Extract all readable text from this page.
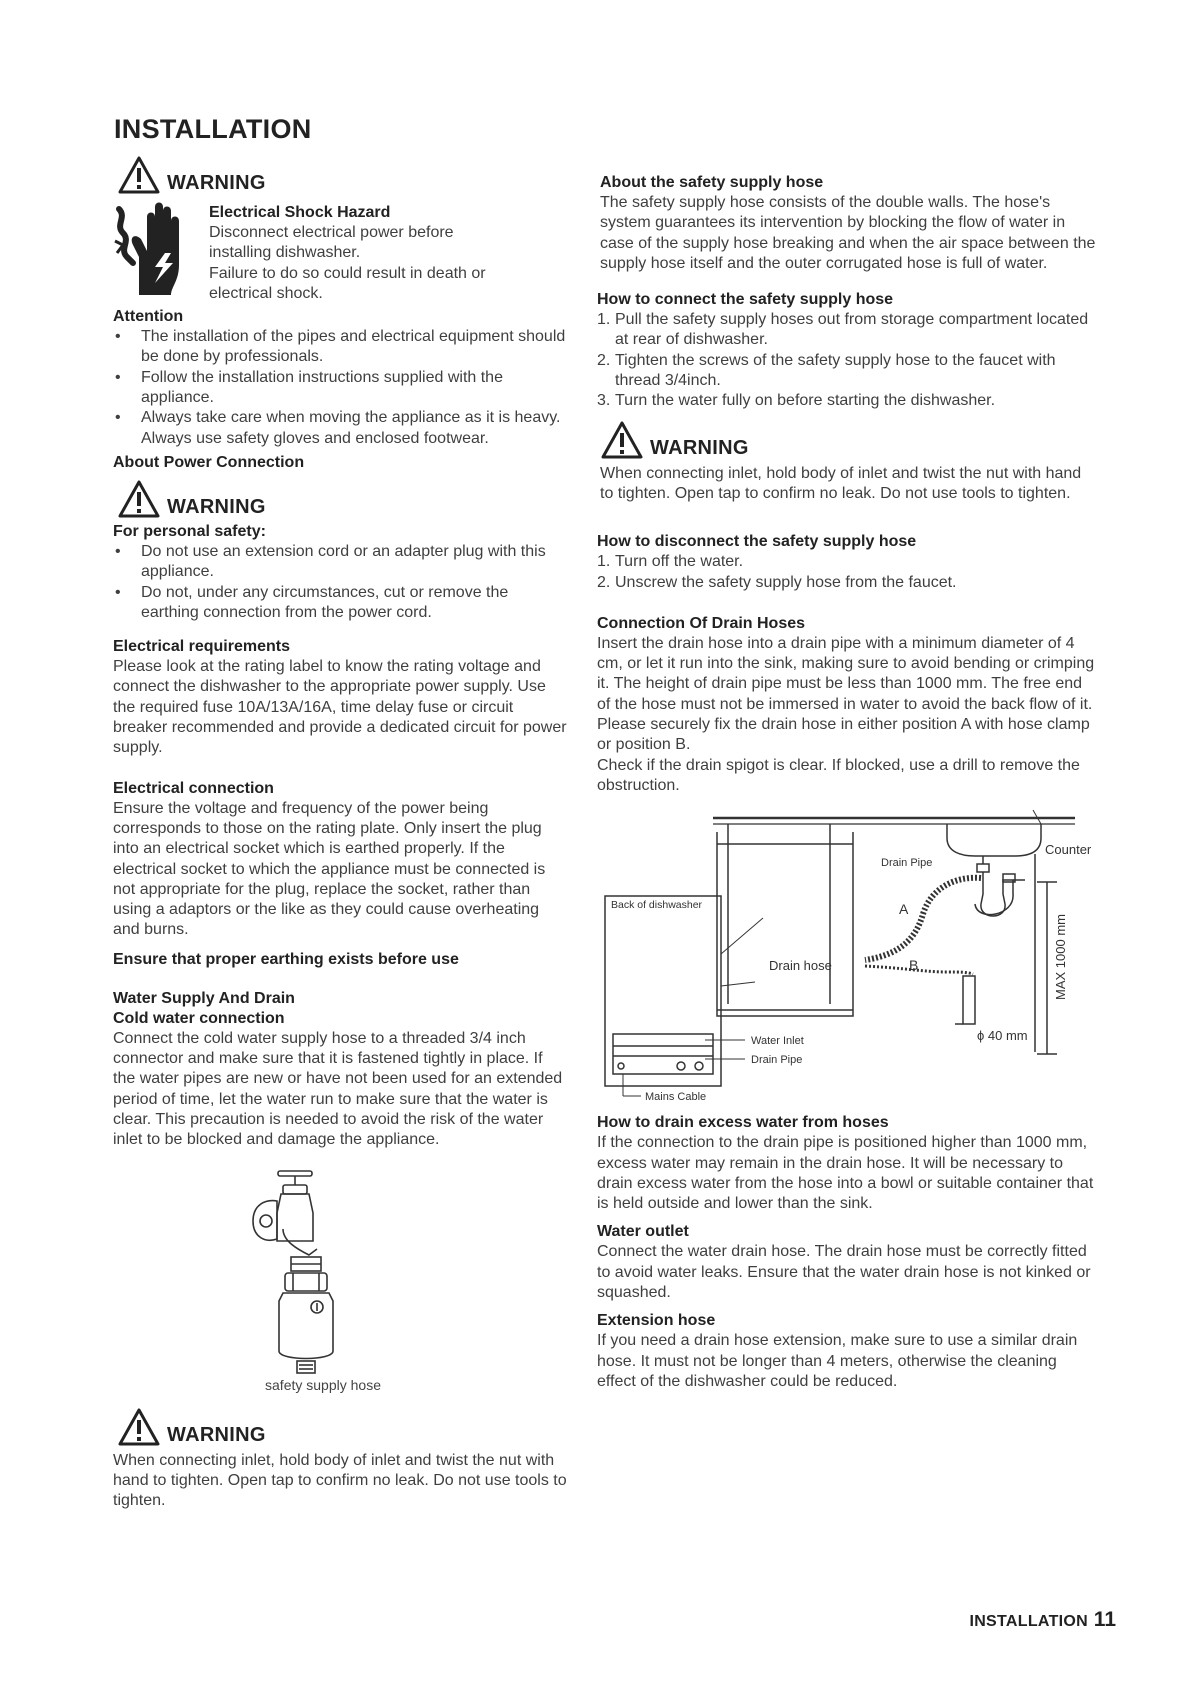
INSTALLATION
WARNING

Electrical Shock Hazard

Disconnect electrical power before

installing dishwasher.

Failure to do so could result in death or

electrical shock.

Attention

• The installation of the pipes and electrical equipment should be done by professionals.
• Follow the installation instructions supplied with the appliance.
• Always take care when moving the appliance as it is heavy. Always use safety gloves and enclosed footwear.

About Power Connection

WARNING

For personal safety:

• Do not use an extension cord or an adapter plug with this appliance.
• Do not, under any circumstances, cut or remove the earthing connection from the power cord.

Electrical requirements

Please look at the rating label to know the rating voltage and connect the dishwasher to the appropriate power supply. Use the required fuse 10A/13A/16A, time delay fuse or circuit breaker recommended and provide a dedicated circuit for power supply.

Electrical connection

Ensure the voltage and frequency of the power being corresponds to those on the rating plate. Only insert the plug into an electrical socket which is earthed properly. If the electrical socket to which the appliance must be connected is not appropriate for the plug, replace the socket, rather than using a adaptors or the like as they could cause overheating and burns.

Ensure that proper earthing exists before use

Water Supply And Drain

Cold water connection

Connect the cold water supply hose to a threaded 3/4 inch connector and make sure that it is fastened tightly in place. If the water pipes are new or have not been used for an extended period of time, let the water run to make sure that the water is clear. This precaution is needed to avoid the risk of the water inlet to be blocked and damage the appliance.

safety supply hose
WARNING

When connecting inlet, hold body of inlet and twist the nut with hand to tighten. Open tap to confirm no leak. Do not use tools to tighten.

About the safety supply hose

The safety supply hose consists of the double walls. The hose's system guarantees its intervention by blocking the flow of water in case of the supply hose breaking and when the air space between the supply hose itself and the outer corrugated hose is full of water.

How to connect the safety supply hose

1. Pull the safety supply hoses out from storage compartment located at rear of dishwasher.
2. Tighten the screws of the safety supply hose to the faucet with thread 3/4inch.
3. Turn the water fully on before starting the dishwasher.
WARNING

When connecting inlet, hold body of inlet and twist the nut with hand to tighten. Open tap to confirm no leak. Do not use tools to tighten.

How to disconnect the safety supply hose

1. Turn off the water.
2. Unscrew the safety supply hose from the faucet.

Connection Of Drain Hoses

Insert the drain hose into a drain pipe with a minimum diameter of 4 cm, or let it run into the sink, making sure to avoid bending or crimping it. The height of drain pipe must be less than 1000 mm. The free end of the hose must not be immersed in water to avoid the back flow of it.
Please securely fix the drain hose in either position A with hose clamp or position B.
Check if the drain spigot is clear. If blocked, use a drill to remove the obstruction.

Counter
Drain Pipe
Back of dishwasher
Drain hose
A
B	MAX 1000 mm
ϕ 40 mm
Water Inlet
Drain Pipe
Mains Cable

How to drain excess water from hoses

If the connection to the drain pipe is positioned higher than 1000 mm, excess water may remain in the drain hose. It will be necessary to drain excess water from the hose into a bowl or suitable container that is held outside and lower than the sink.

Water outlet

Connect the water drain hose. The drain hose must be correctly fitted to avoid water leaks. Ensure that the water drain hose is not kinked or squashed.

Extension hose

If you need a drain hose extension, make sure to use a similar drain hose. It must not be longer than 4 meters, otherwise the cleaning effect of the dishwasher could be reduced.

INSTALLATION 11
